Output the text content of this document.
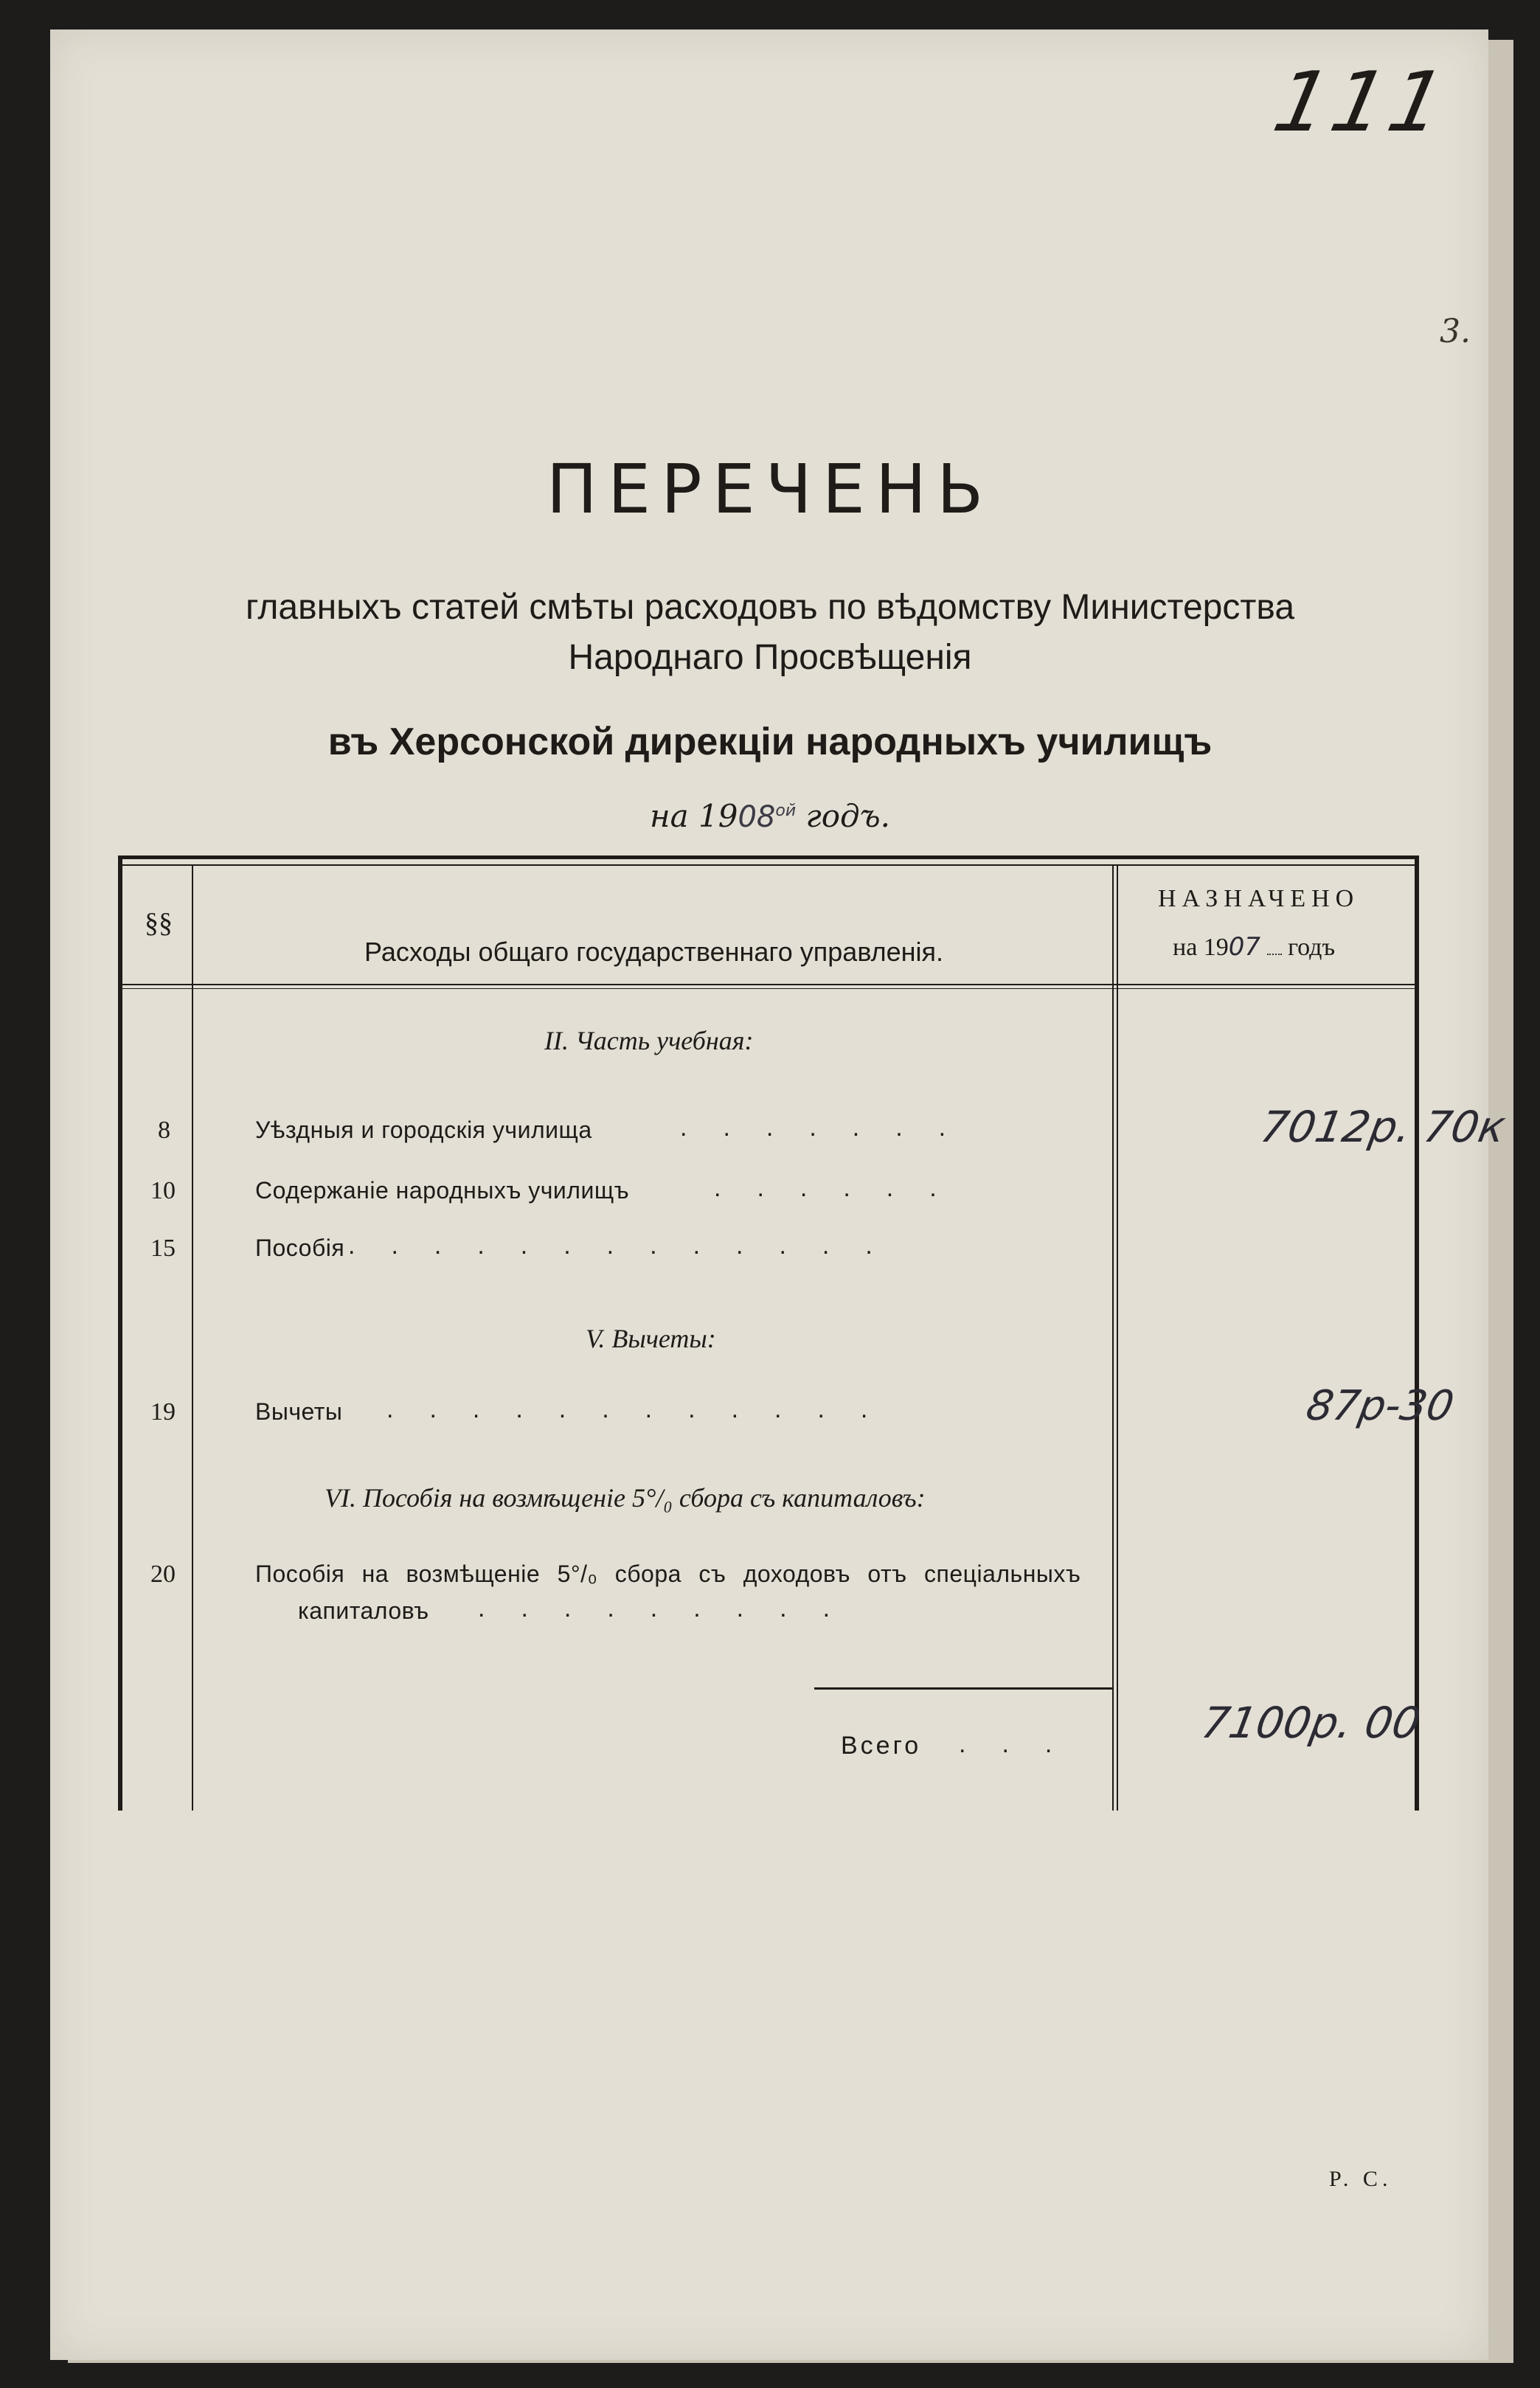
111
3.
ПЕРЕЧЕНЬ
главныхъ статей смѣты расходовъ по вѣдомству Министерства
Народнаго Просвѣщенія
въ Херсонской дирекціи народныхъ училищъ
на $1908^{ой}$ годъ.
§§
Расходы общаго государственнаго управленія.
НАЗНАЧЕНО
на 1907 годъ
II. Часть учебная:
8	Уѣздныя и городскія училища	.......	7012р. 70к
10	Содержаніе народныхъ училищъ	......
15	Пособія .............
V. Вычеты:
19	Вычеты ............	87р-30
VI. Пособія на возмѣщеніе 5°/₀ сбора съ капиталовъ:
20	Пособія на возмѣщеніе 5°/₀ сбора съ доходовъ отъ спеціальныхъ
капиталовъ .........
Всего ...	7100р. 00
Р. С.
